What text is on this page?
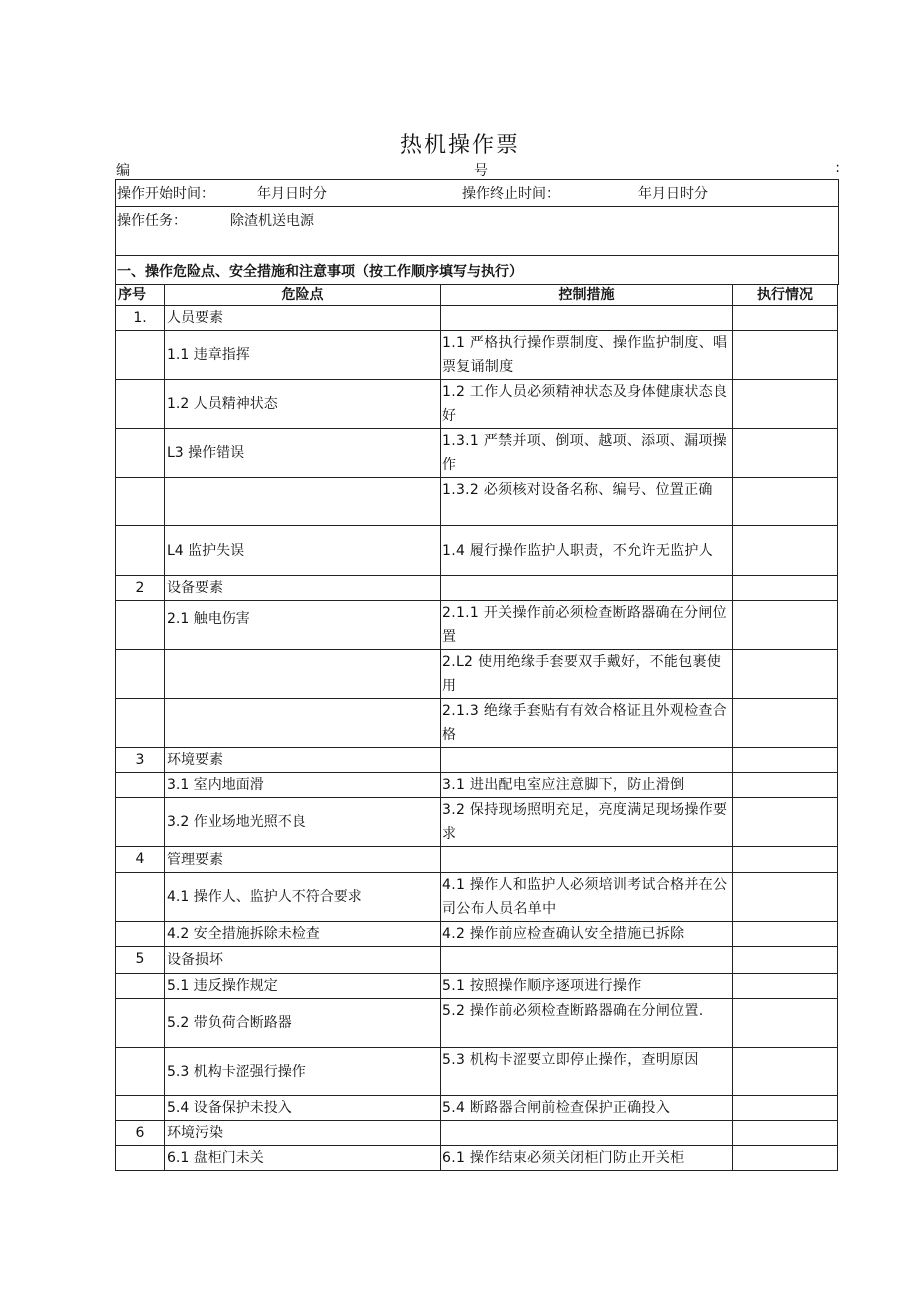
热机操作票
编	号	:
操作开始时间：	年月日时分	操作终止时间：	年月日时分
操作任务：	除渣机送电源
一、操作危险点、安全措施和注意事项（按工作顺序填写与执行）
序号	危险点	控制措施	执行情况
1.	人员要素		
	1.1 违章指挥	1.1 严格执行操作票制度、操作监护制度、唱票复诵制度	
	1.2 人员精神状态	1.2 工作人员必须精神状态及身体健康状态良好	
	L3 操作错误	1.3.1 严禁并项、倒项、越项、添项、漏项操作	
		1.3.2 必须核对设备名称、编号、位置正确	
	L4 监护失误	1.4 履行操作监护人职责，不允许无监护人	
2	设备要素		
	2.1 触电伤害	2.1.1 开关操作前必须检查断路器确在分闸位置	
		2.L2 使用绝缘手套要双手戴好，不能包裹使用	
		2.1.3 绝缘手套贴有有效合格证且外观检查合格	
3	环境要素		
	3.1 室内地面滑	3.1 进出配电室应注意脚下，防止滑倒	
	3.2 作业场地光照不良	3.2 保持现场照明充足，亮度满足现场操作要求	
4	管理要素		
	4.1 操作人、监护人不符合要求	4.1 操作人和监护人必须培训考试合格并在公司公布人员名单中	
	4.2 安全措施拆除未检查	4.2 操作前应检查确认安全措施已拆除	
5	设备损坏		
	5.1 违反操作规定	5.1 按照操作顺序逐项进行操作	
	5.2 带负荷合断路器	5.2 操作前必须检查断路器确在分闸位置.	
	5.3 机构卡涩强行操作	5.3 机构卡涩要立即停止操作，查明原因	
	5.4 设备保护未投入	5.4 断路器合闸前检查保护正确投入	
6	环境污染		
	6.1 盘柜门未关	6.1 操作结束必须关闭柜门防止开关柜	
